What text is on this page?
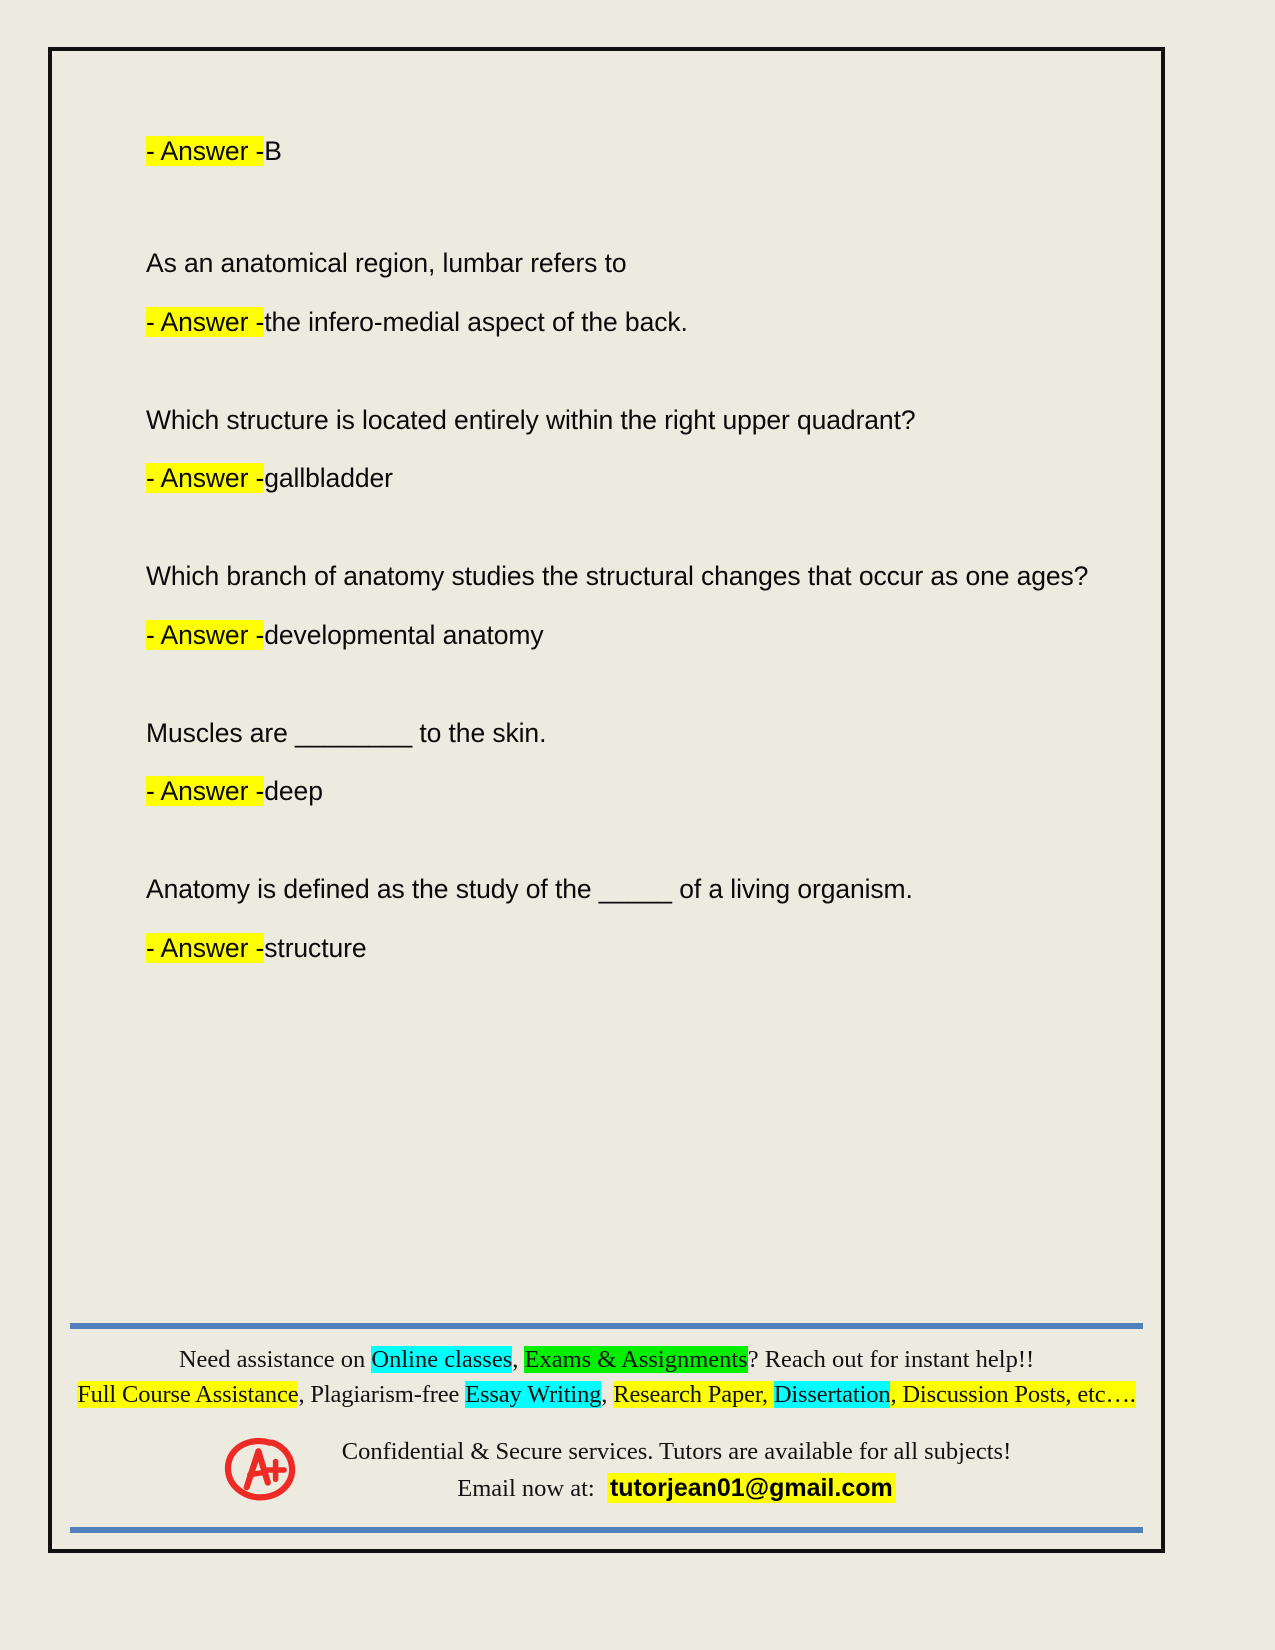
- Answer -B
As an anatomical region, lumbar refers to
- Answer -the infero-medial aspect of the back.
Which structure is located entirely within the right upper quadrant?
- Answer -gallbladder
Which branch of anatomy studies the structural changes that occur as one ages?
- Answer -developmental anatomy
Muscles are ________ to the skin.
- Answer -deep
Anatomy is defined as the study of the _____ of a living organism.
- Answer -structure
Need assistance on Online classes, Exams & Assignments? Reach out for instant help!!
Full Course Assistance, Plagiarism-free Essay Writing, Research Paper, Dissertation, Discussion Posts, etc….
Confidential & Secure services. Tutors are available for all subjects!
Email now at: tutorjean01@gmail.com
